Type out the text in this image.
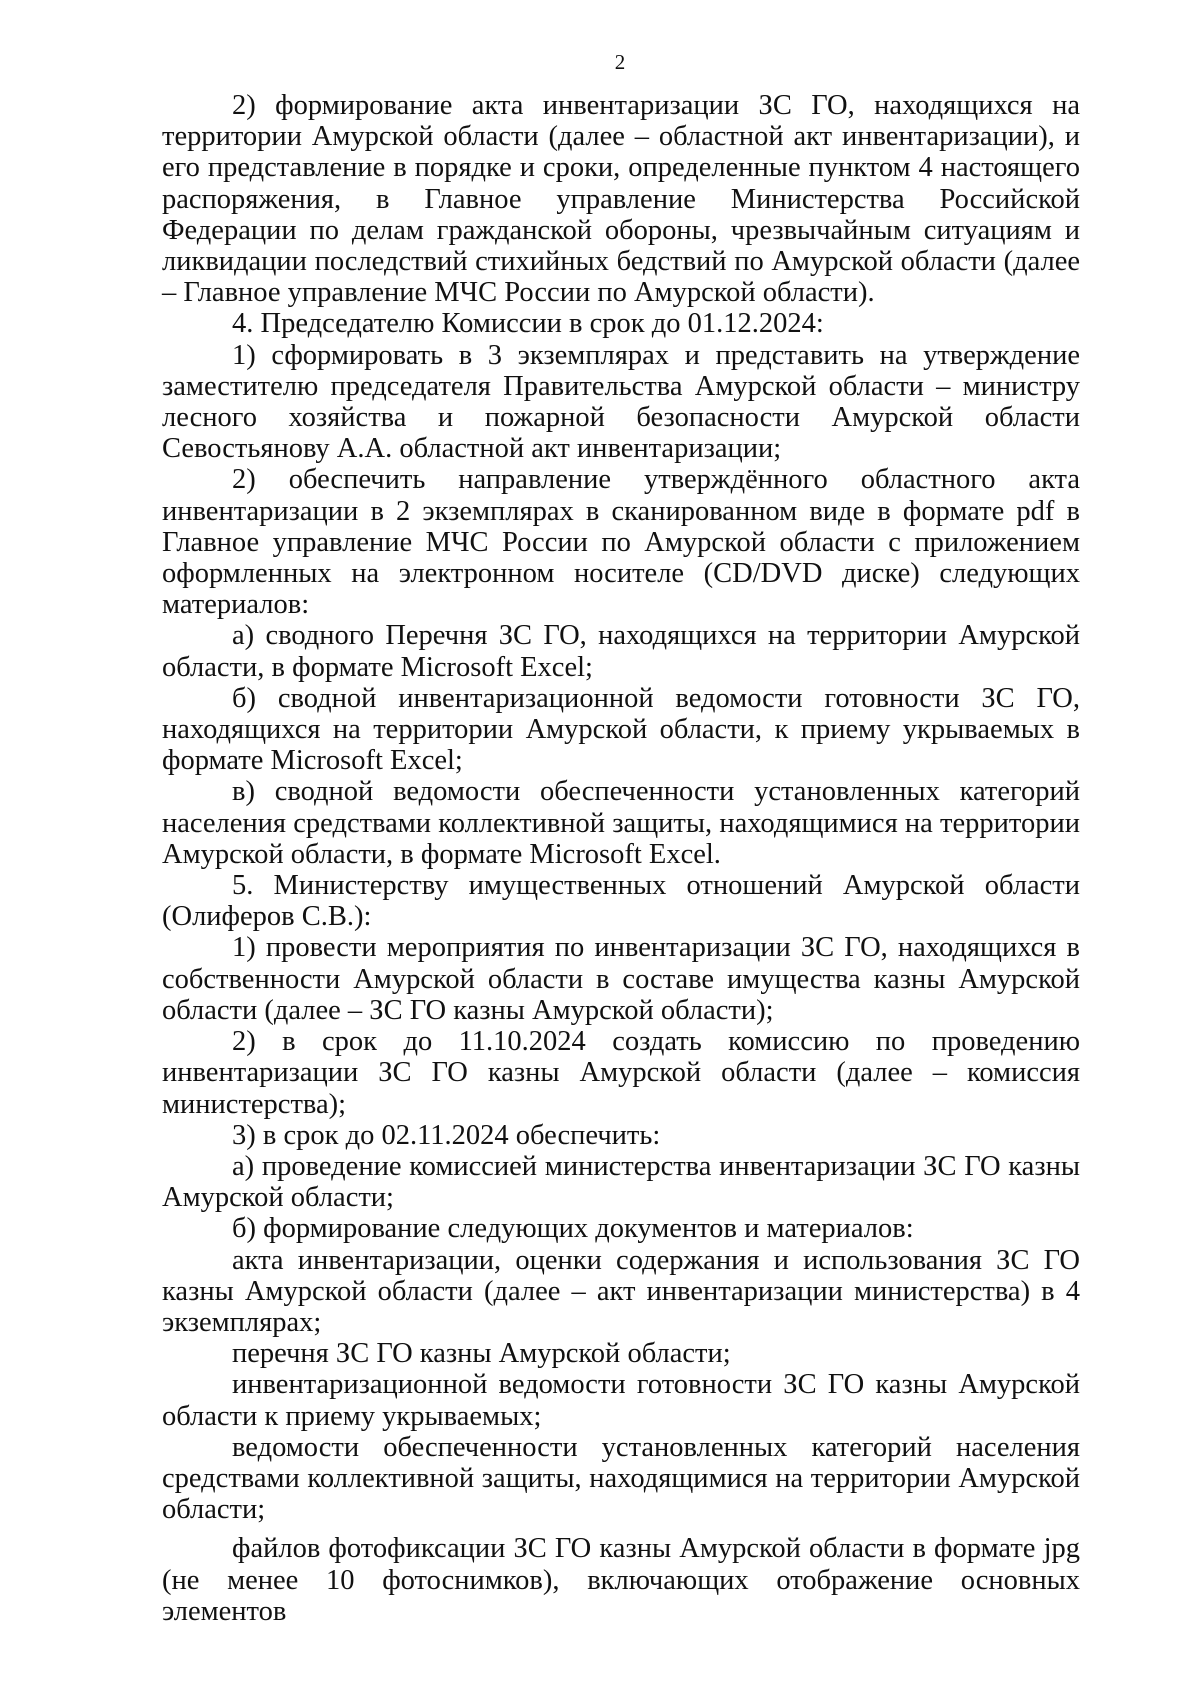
2

2) формирование акта инвентаризации ЗС ГО, находящихся на территории Амурской области (далее – областной акт инвентаризации), и его представление в порядке и сроки, определенные пунктом 4 настоящего распоряжения, в Главное управление Министерства Российской Федерации по делам гражданской обороны, чрезвычайным ситуациям и ликвидации последствий стихийных бедствий по Амурской области (далее – Главное управление МЧС России по Амурской области).

4. Председателю Комиссии в срок до 01.12.2024:

1) сформировать в 3 экземплярах и представить на утверждение заместителю председателя Правительства Амурской области – министру лесного хозяйства и пожарной безопасности Амурской области Севостьянову А.А. областной акт инвентаризации;

2) обеспечить направление утверждённого областного акта инвентаризации в 2 экземплярах в сканированном виде в формате pdf в Главное управление МЧС России по Амурской области с приложением оформленных на электронном носителе (CD/DVD диске) следующих материалов:

а) сводного Перечня ЗС ГО, находящихся на территории Амурской области, в формате Microsoft Excel;

б) сводной инвентаризационной ведомости готовности ЗС ГО, находящихся на территории Амурской области, к приему укрываемых в формате Microsoft Excel;

в) сводной ведомости обеспеченности установленных категорий населения средствами коллективной защиты, находящимися на территории Амурской области, в формате Microsoft Excel.

5. Министерству имущественных отношений Амурской области (Олиферов С.В.):

1) провести мероприятия по инвентаризации ЗС ГО, находящихся в собственности Амурской области в составе имущества казны Амурской области (далее – ЗС ГО казны Амурской области);

2) в срок до 11.10.2024 создать комиссию по проведению инвентаризации ЗС ГО казны Амурской области (далее – комиссия министерства);

3) в срок до 02.11.2024 обеспечить:

а) проведение комиссией министерства инвентаризации ЗС ГО казны Амурской области;

б) формирование следующих документов и материалов:

акта инвентаризации, оценки содержания и использования ЗС ГО казны Амурской области (далее – акт инвентаризации министерства) в 4 экземплярах;

перечня ЗС ГО казны Амурской области;

инвентаризационной ведомости готовности ЗС ГО казны Амурской области к приему укрываемых;

ведомости обеспеченности установленных категорий населения средствами коллективной защиты, находящимися на территории Амурской области;

файлов фотофиксации ЗС ГО казны Амурской области в формате jpg (не менее 10 фотоснимков), включающих отображение основных элементов
